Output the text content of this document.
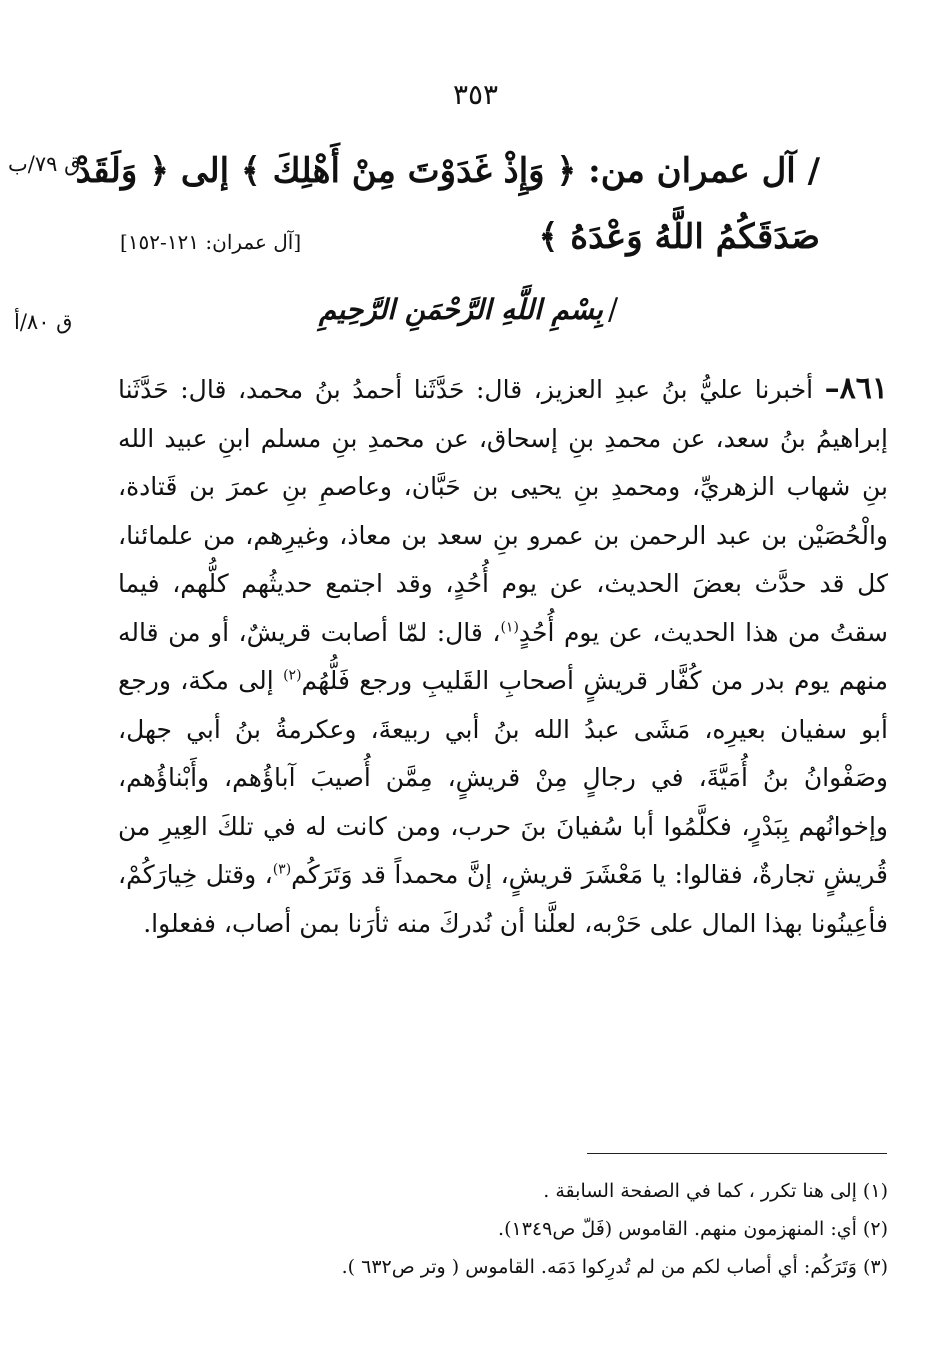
٣٥٣
ق ٧٩/ب
/ آل عمران من: ﴿ وَإِذْ غَدَوْتَ مِنْ أَهْلِكَ ﴾ إلى ﴿ وَلَقَدْ
صَدَقَكُمُ اللَّهُ وَعْدَهُ ﴾
[آل عمران: ١٢١-١٥٢]
ق ٨٠/أ	/ بِسْمِ اللَّهِ الرَّحْمَنِ الرَّحِيمِ
٨٦١– أخبرنا عليُّ بنُ عبدِ العزيز، قال: حَدَّثَنا أحمدُ بنُ محمد، قال: حَدَّثَنا إبراهيمُ بنُ سعد، عن محمدِ بنِ إسحاق، عن محمدِ بنِ مسلم ابنِ عبيد الله بنِ شهاب الزهريِّ، ومحمدِ بنِ يحيى بن حَبَّان، وعاصمِ بنِ عمرَ بن قَتادة، والْحُصَيْن بن عبد الرحمن بن عمرو بنِ سعد بن معاذ، وغيرِهم، من علمائنا، كل قد حدَّث بعضَ الحديث، عن يوم أُحُدٍ، وقد اجتمع حديثُهم كلُّهم، فيما سقتُ من هذا الحديث، عن يوم أُحُدٍ$^{(١)}$، قال: لمّا أصابت قريشٌ، أو من قاله منهم يوم بدر من كُفَّار قريشٍ أصحابِ القَليبِ ورجع فَلُّهُم$^{(٢)}$ إلى مكة، ورجع أبو سفيان بعيرِه، مَشَى عبدُ الله بنُ أبي ربيعةَ، وعكرمةُ بنُ أبي جهل، وصَفْوانُ بنُ أُمَيَّةَ، في رجالٍ مِنْ قريشٍ، مِمَّن أُصيبَ آباؤُهم، وأَبْناؤُهم، وإخوانُهم بِبَدْرٍ، فكلَّمُوا أبا سُفيانَ بنَ حرب، ومن كانت له في تلكَ العِيرِ من قُريشٍ تجارةٌ، فقالوا: يا مَعْشَرَ قريشٍ، إنَّ محمداً قد وَتَرَكُم$^{(٣)}$، وقتل خِيارَكُمْ، فأعِينُونا بهذا المال على حَرْبه، لعلَّنا أن نُدركَ منه ثأرَنا بمن أصاب، ففعلوا.
(١) إلى هنا تكرر ، كما في الصفحة السابقة .
(٢) أي: المنهزمون منهم. القاموس (فَلّ ص١٣٤٩).
(٣) وَتَرَكُم: أي أصاب لكم من لم تُدرِكوا دَمَه. القاموس ( وتر ص٦٣٢ ).
